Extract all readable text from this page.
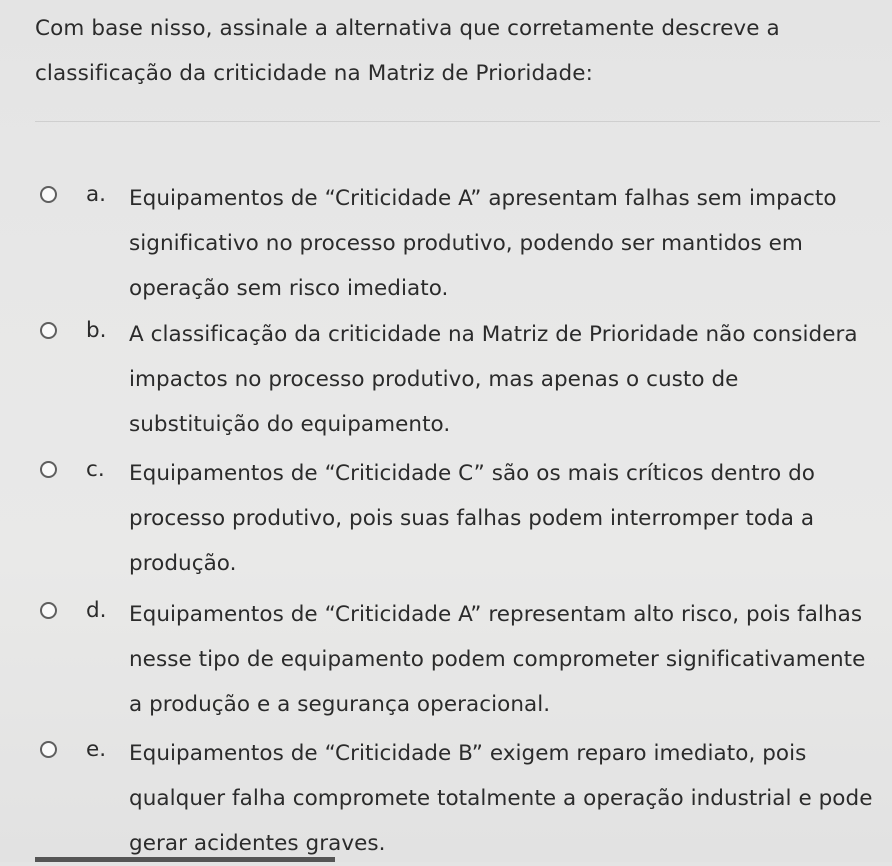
Com base nisso, assinale a alternativa que corretamente descreve a classificação da criticidade na Matriz de Prioridade:
a. Equipamentos de “Criticidade A” apresentam falhas sem impacto significativo no processo produtivo, podendo ser mantidos em operação sem risco imediato.
b. A classificação da criticidade na Matriz de Prioridade não considera impactos no processo produtivo, mas apenas o custo de substituição do equipamento.
c. Equipamentos de “Criticidade C” são os mais críticos dentro do processo produtivo, pois suas falhas podem interromper toda a produção.
d. Equipamentos de “Criticidade A” representam alto risco, pois falhas nesse tipo de equipamento podem comprometer significativamente a produção e a segurança operacional.
e. Equipamentos de “Criticidade B” exigem reparo imediato, pois qualquer falha compromete totalmente a operação industrial e pode gerar acidentes graves.
